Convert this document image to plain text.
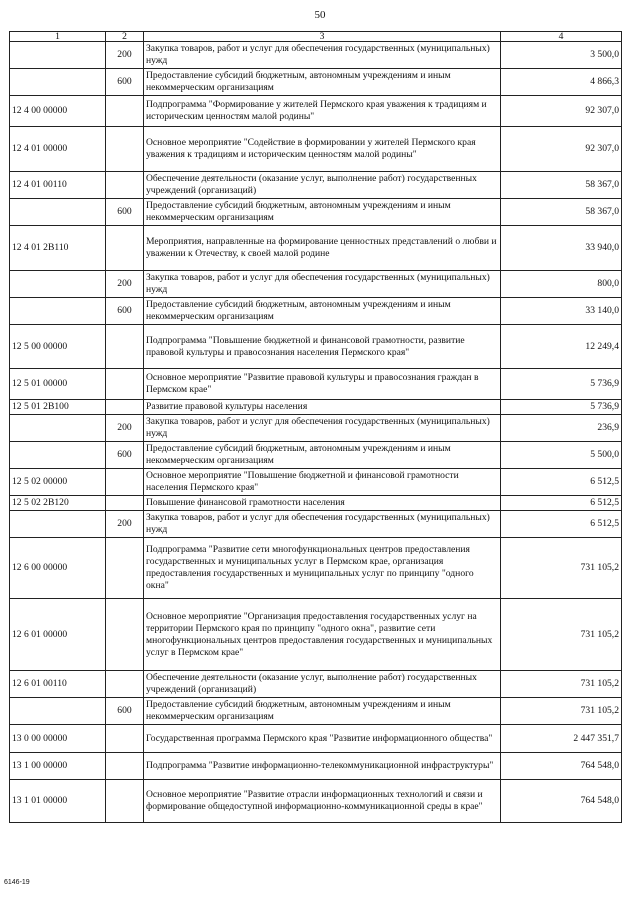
50
1	2	3	4
	200	Закупка товаров, работ и услуг для обеспечения государственных (муниципальных) нужд	3 500,0
	600	Предоставление субсидий бюджетным, автономным учреждениям и иным некоммерческим организациям	4 866,3
12 4 00 00000		Подпрограмма "Формирование у жителей Пермского края уважения к традициям и историческим ценностям малой родины"	92 307,0
12 4 01 00000		Основное мероприятие "Содействие в формировании у жителей Пермского края уважения к традициям и историческим ценностям малой родины"	92 307,0
12 4 01 00110		Обеспечение деятельности (оказание услуг, выполнение работ) государственных учреждений (организаций)	58 367,0
	600	Предоставление субсидий бюджетным, автономным учреждениям и иным некоммерческим организациям	58 367,0
12 4 01 2В110		Мероприятия, направленные на формирование ценностных представлений о любви и уважении к Отечеству, к своей малой родине	33 940,0
	200	Закупка товаров, работ и услуг для обеспечения государственных (муниципальных) нужд	800,0
	600	Предоставление субсидий бюджетным, автономным учреждениям и иным некоммерческим организациям	33 140,0
12 5 00 00000		Подпрограмма "Повышение бюджетной и финансовой грамотности, развитие правовой культуры и правосознания населения Пермского края"	12 249,4
12 5 01 00000		Основное мероприятие "Развитие правовой культуры и правосознания граждан в Пермском крае"	5 736,9
12 5 01 2В100		Развитие правовой культуры населения	5 736,9
	200	Закупка товаров, работ и услуг для обеспечения государственных (муниципальных) нужд	236,9
	600	Предоставление субсидий бюджетным, автономным учреждениям и иным некоммерческим организациям	5 500,0
12 5 02 00000		Основное мероприятие "Повышение бюджетной и финансовой грамотности населения Пермского края"	6 512,5
12 5 02 2В120		Повышение финансовой грамотности населения	6 512,5
	200	Закупка товаров, работ и услуг для обеспечения государственных (муниципальных) нужд	6 512,5
12 6 00 00000		Подпрограмма "Развитие сети многофункциональных центров предоставления государственных и муниципальных услуг в Пермском крае, организация предоставления государственных и муниципальных услуг по принципу "одного окна"	731 105,2
12 6 01 00000		Основное мероприятие "Организация предоставления государственных услуг на территории Пермского края по принципу "одного окна", развитие сети многофункциональных центров предоставления государственных и муниципальных услуг в Пермском крае"	731 105,2
12 6 01 00110		Обеспечение деятельности (оказание услуг, выполнение работ) государственных учреждений (организаций)	731 105,2
	600	Предоставление субсидий бюджетным, автономным учреждениям и иным некоммерческим организациям	731 105,2
13 0 00 00000		Государственная программа Пермского края "Развитие информационного общества"	2 447 351,7
13 1 00 00000		Подпрограмма "Развитие информационно-телекоммуникационной инфраструктуры"	764 548,0
13 1 01 00000		Основное мероприятие "Развитие отрасли информационных технологий и связи и формирование общедоступной информационно-коммуникационной среды в крае"	764 548,0
6146-19
